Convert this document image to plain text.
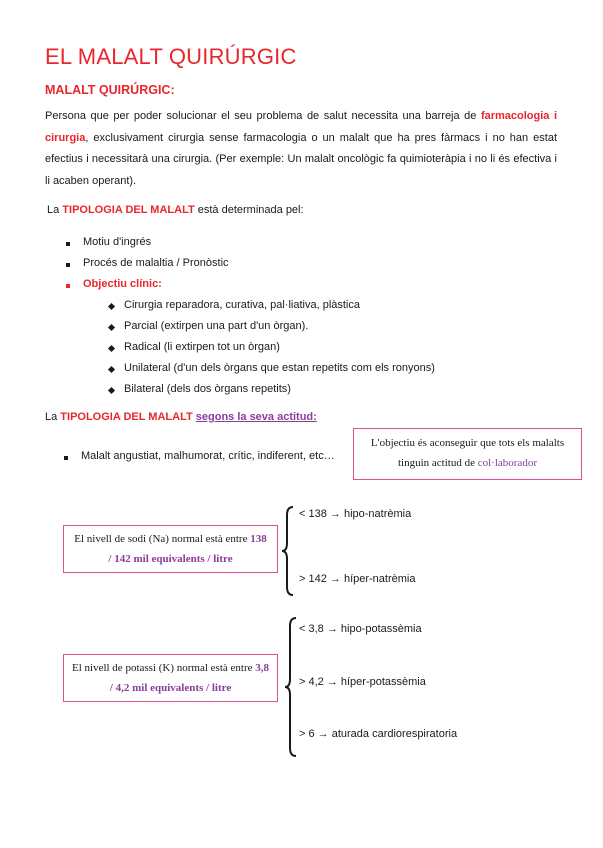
EL MALALT QUIRÚRGIC
MALALT QUIRÚRGIC:
Persona que per poder solucionar el seu problema de salut necessita una barreja de farmacologia i cirurgia, exclusivament cirurgia sense farmacologia o un malalt que ha pres fàrmacs i no han estat efectius i necessitarà una cirurgia. (Per exemple: Un malalt oncològic fa quimioteràpia i no li és efectiva i li acaben operant).
La TIPOLOGIA DEL MALALT està determinada pel:
Motiu d'ingrés
Procés de malaltia / Pronòstic
Objectiu clínic:
Cirurgia reparadora, curativa, pal·liativa, plàstica
Parcial (extirpen una part d'un òrgan).
Radical (li extirpen tot un òrgan)
Unilateral (d'un dels òrgans que estan repetits com els ronyons)
Bilateral (dels dos òrgans repetits)
La TIPOLOGIA DEL MALALT segons la seva actitud:
Malalt angustiat, malhumorat, crític, indiferent, etc…
L'objectiu és aconseguir que tots els malalts
tinguin actitud de col·laborador
El nivell de sodi (Na) normal està entre 138
/ 142 mil equivalents / litre
< 138 → hipo-natrèmia
> 142 → híper-natrèmia
El nivell de potassi (K) normal està entre 3,8
/ 4,2 mil equivalents / litre
< 3,8 → hipo-potassèmia
> 4,2 → híper-potassèmia
> 6 → aturada cardiorespiratoria
